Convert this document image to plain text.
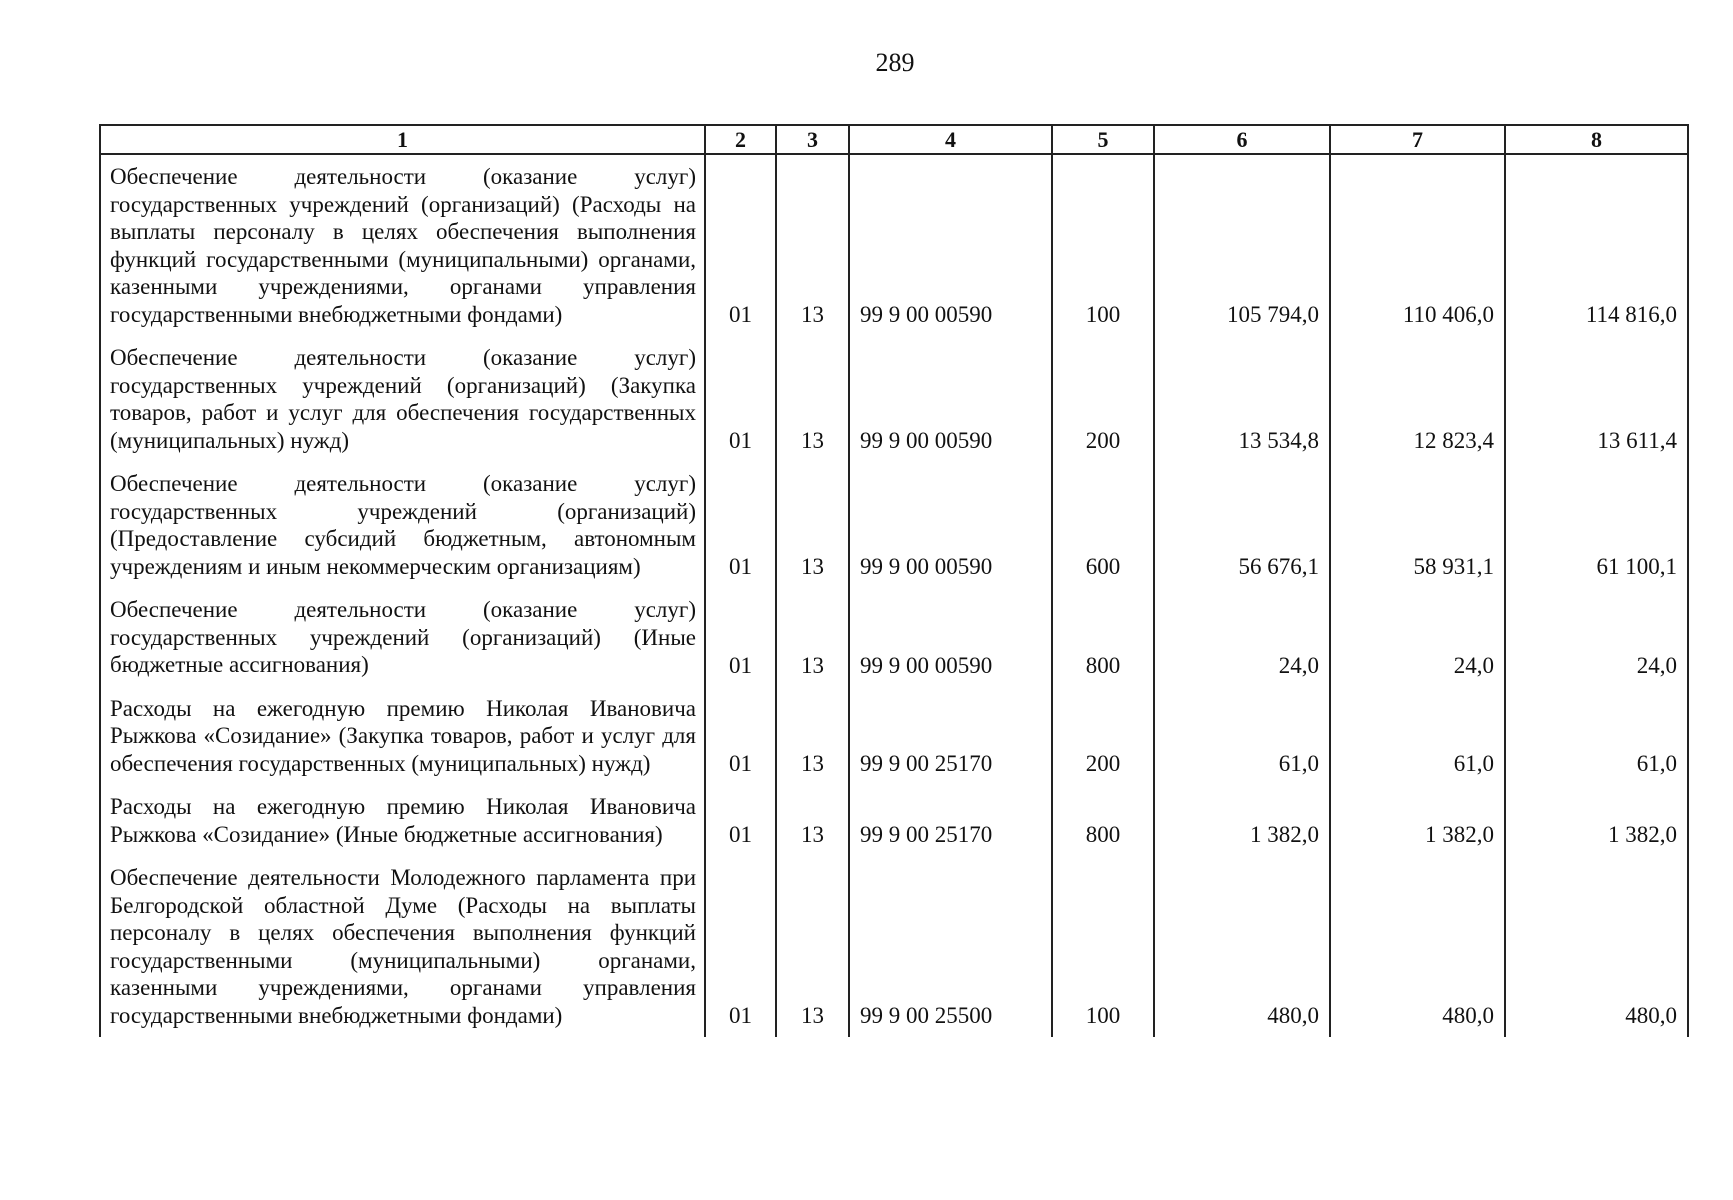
289
1	2	3	4	5	6	7	8
Обеспечение деятельности (оказание услуг) государственных учреждений (организаций) (Расходы на выплаты персоналу в целях обеспечения выполнения функций государственными (муниципальными) органами, казенными учреждениями, органами управления государственными внебюджетными фондами)	01	13	99 9 00 00590	100	105 794,0	110 406,0	114 816,0
Обеспечение деятельности (оказание услуг) государственных учреждений (организаций) (Закупка товаров, работ и услуг для обеспечения государственных (муниципальных) нужд)	01	13	99 9 00 00590	200	13 534,8	12 823,4	13 611,4
Обеспечение деятельности (оказание услуг) государственных учреждений (организаций) (Предоставление субсидий бюджетным, автономным учреждениям и иным некоммерческим организациям)	01	13	99 9 00 00590	600	56 676,1	58 931,1	61 100,1
Обеспечение деятельности (оказание услуг) государственных учреждений (организаций) (Иные бюджетные ассигнования)	01	13	99 9 00 00590	800	24,0	24,0	24,0
Расходы на ежегодную премию Николая Ивановича Рыжкова «Созидание» (Закупка товаров, работ и услуг для обеспечения государственных (муниципальных) нужд)	01	13	99 9 00 25170	200	61,0	61,0	61,0
Расходы на ежегодную премию Николая Ивановича Рыжкова «Созидание» (Иные бюджетные ассигнования)	01	13	99 9 00 25170	800	1 382,0	1 382,0	1 382,0
Обеспечение деятельности Молодежного парламента при Белгородской областной Думе (Расходы на выплаты персоналу в целях обеспечения выполнения функций государственными (муниципальными) органами, казенными учреждениями, органами управления государственными внебюджетными фондами)	01	13	99 9 00 25500	100	480,0	480,0	480,0
